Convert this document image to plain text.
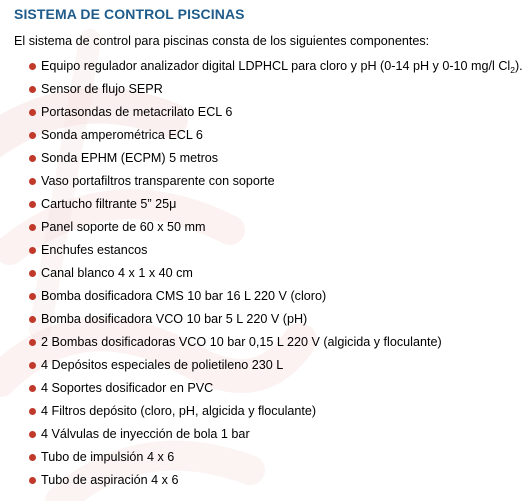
SISTEMA DE CONTROL PISCINAS
El sistema de control para piscinas consta de los siguientes componentes:
Equipo regulador analizador digital LDPHCL para cloro y pH (0-14 pH y 0-10 mg/l $Cl_2$).
Sensor de flujo SEPR
Portasondas de metacrilato ECL 6
Sonda amperométrica ECL 6
Sonda EPHM (ECPM) 5 metros
Vaso portafiltros transparente con soporte
Cartucho filtrante 5” 25μ
Panel soporte de 60 x 50 mm
Enchufes estancos
Canal blanco 4 x 1 x 40 cm
Bomba dosificadora CMS 10 bar 16 L 220 V (cloro)
Bomba dosificadora VCO 10 bar 5 L 220 V (pH)
2 Bombas dosificadoras VCO 10 bar 0,15 L 220 V (algicida y floculante)
4 Depósitos especiales de polietileno 230 L
4 Soportes dosificador en PVC
4 Filtros depósito (cloro, pH, algicida y floculante)
4 Válvulas de inyección de bola 1 bar
Tubo de impulsión 4 x 6
Tubo de aspiración 4 x 6
